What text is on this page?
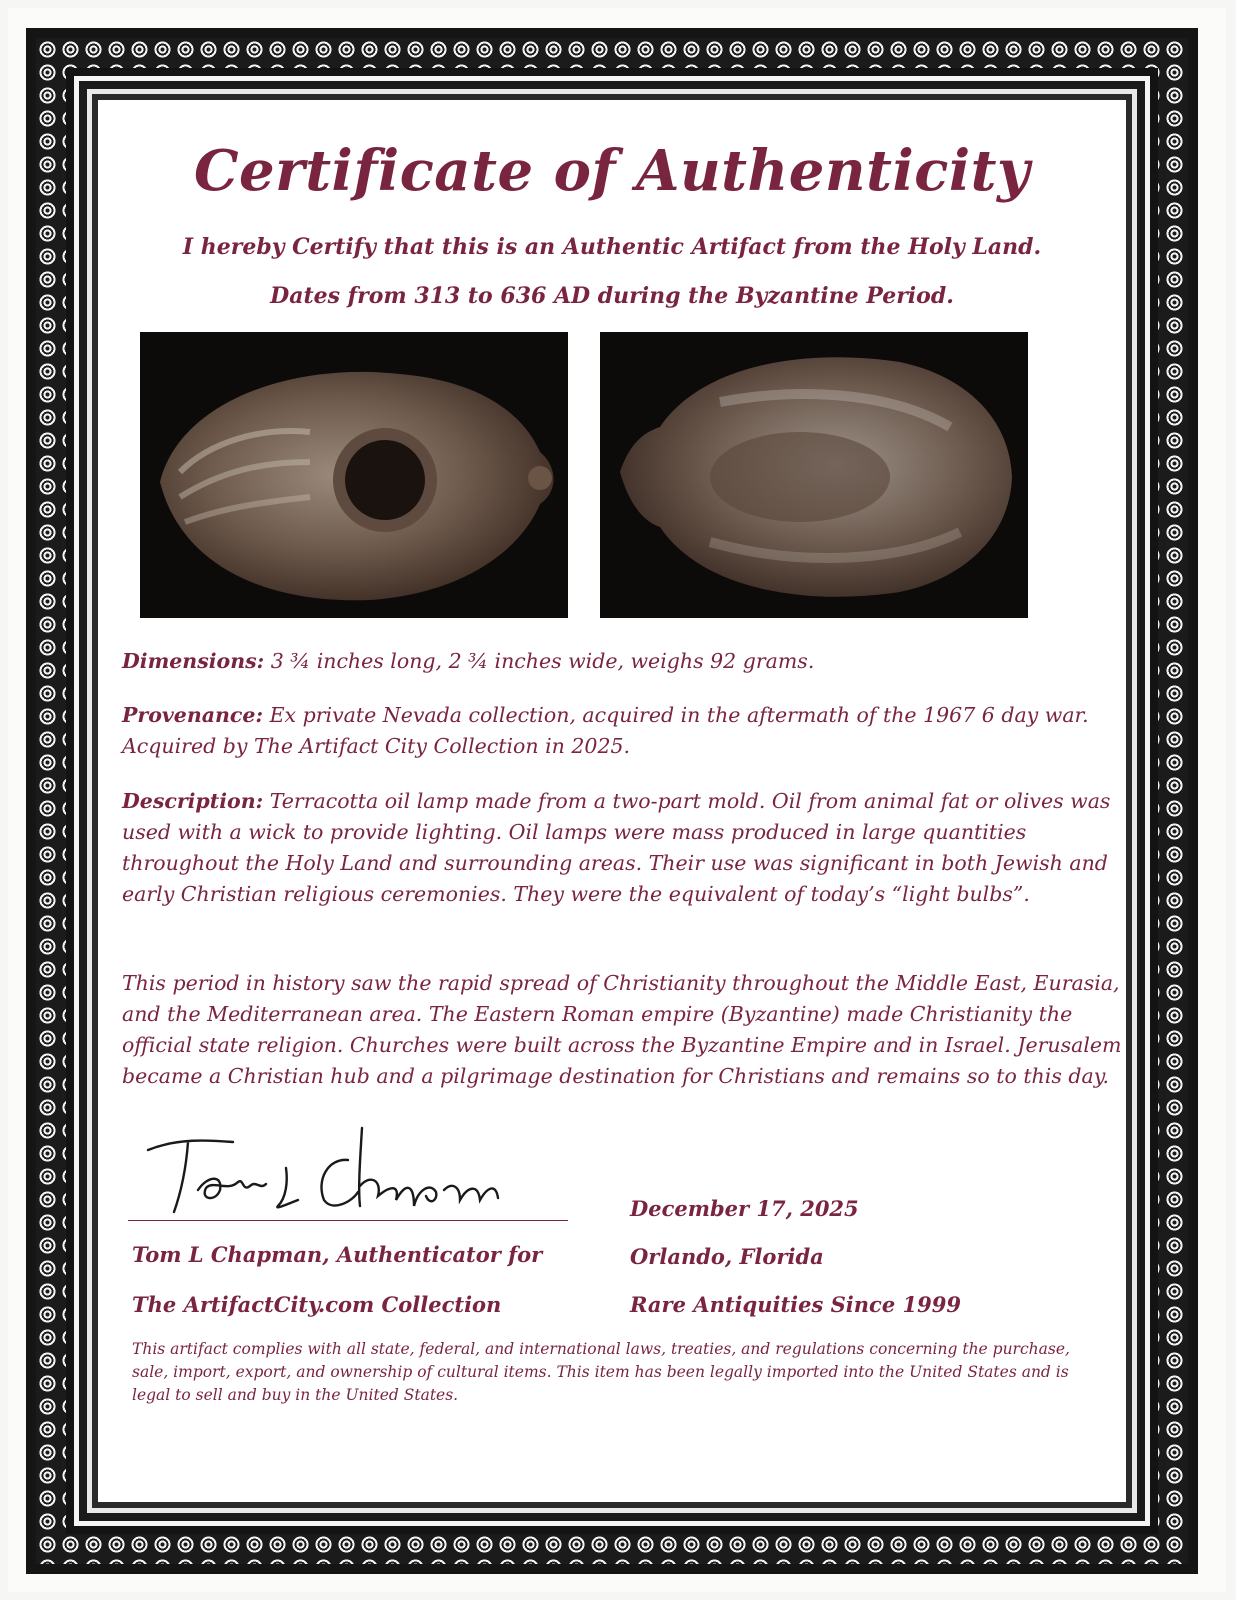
Certificate of Authenticity
I hereby Certify that this is an Authentic Artifact from the Holy Land.
Dates from 313 to 636 AD during the Byzantine Period.
Dimensions: 3 ¾ inches long, 2 ¾ inches wide, weighs 92 grams.
Provenance: Ex private Nevada collection, acquired in the aftermath of the 1967 6 day war. Acquired by The Artifact City Collection in 2025.
Description: Terracotta oil lamp made from a two-part mold. Oil from animal fat or olives was used with a wick to provide lighting. Oil lamps were mass produced in large quantities throughout the Holy Land and surrounding areas. Their use was significant in both Jewish and early Christian religious ceremonies. They were the equivalent of today’s “light bulbs”.
This period in history saw the rapid spread of Christianity throughout the Middle East, Eurasia, and the Mediterranean area. The Eastern Roman empire (Byzantine) made Christianity the official state religion. Churches were built across the Byzantine Empire and in Israel. Jerusalem became a Christian hub and a pilgrimage destination for Christians and remains so to this day.
Tom L Chapman, Authenticator for
The ArtifactCity.com Collection
December 17, 2025
Orlando, Florida
Rare Antiquities Since 1999
This artifact complies with all state, federal, and international laws, treaties, and regulations concerning the purchase, sale, import, export, and ownership of cultural items. This item has been legally imported into the United States and is legal to sell and buy in the United States.
